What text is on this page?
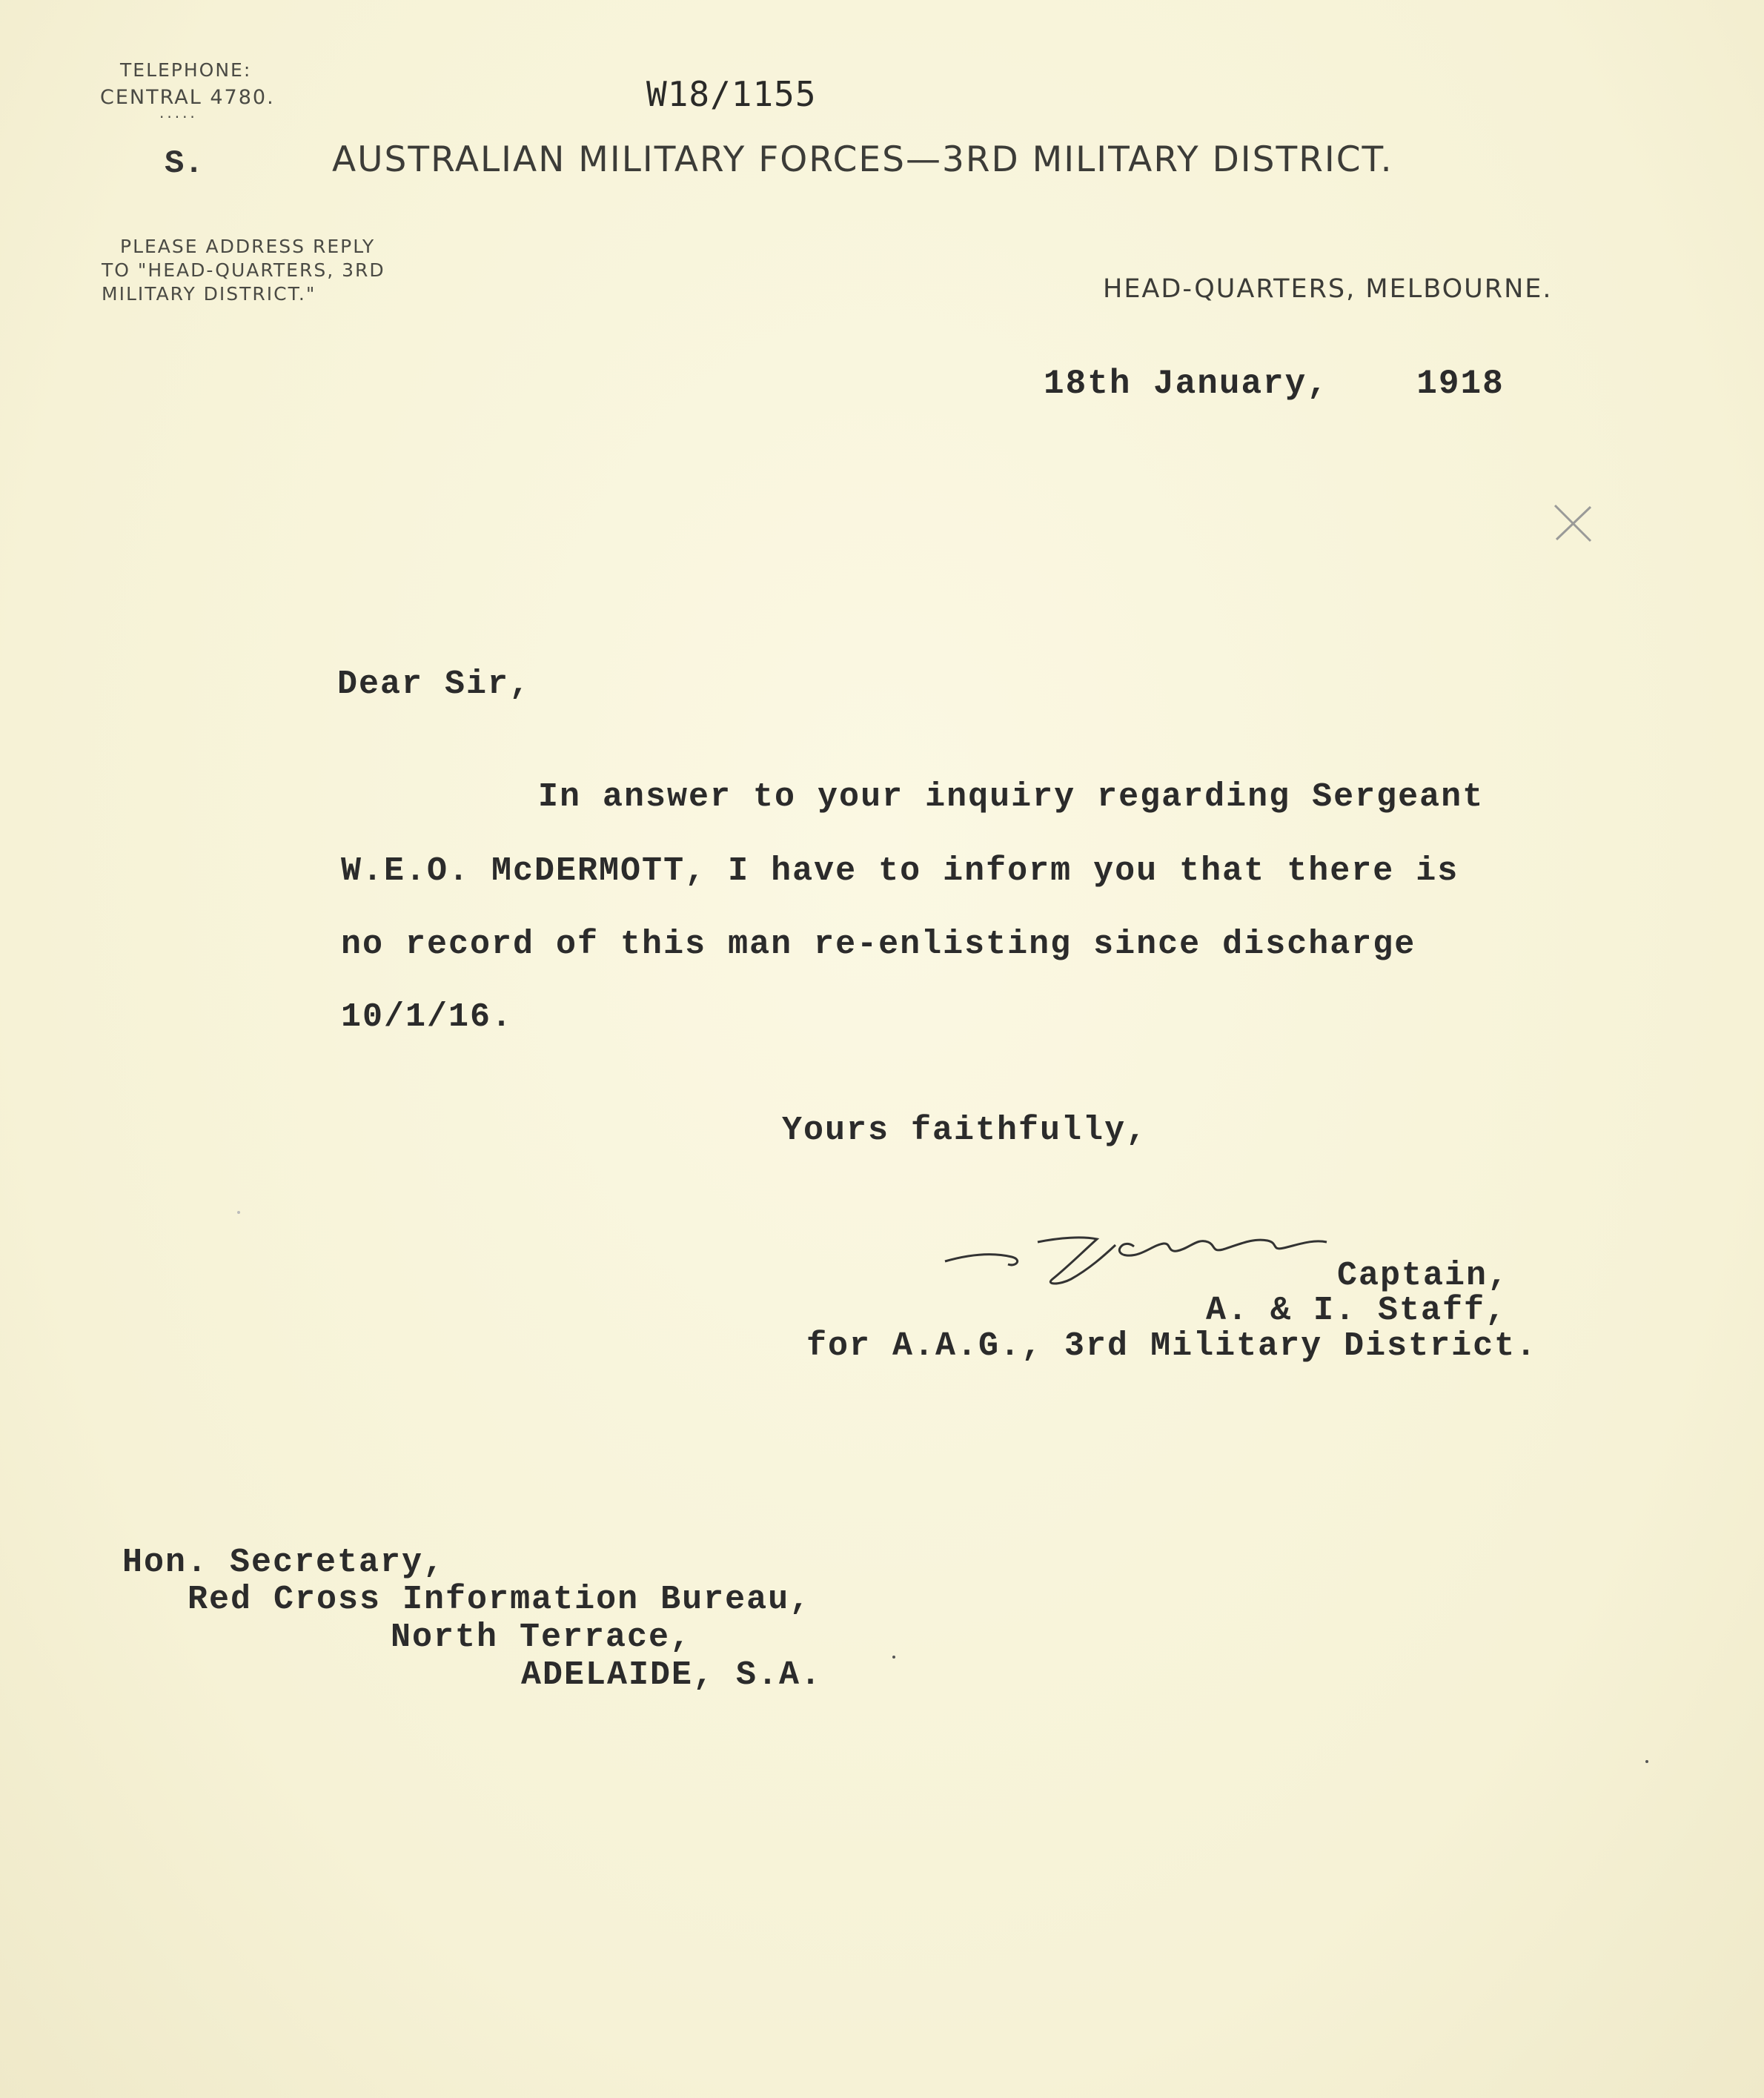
TELEPHONE:
CENTRAL 4780.
.....	W18/1155
S.	AUSTRALIAN MILITARY FORCES—3RD MILITARY DISTRICT.
PLEASE ADDRESS REPLY
TO "HEAD-QUARTERS, 3RD
MILITARY DISTRICT."	HEAD-QUARTERS, MELBOURNE.
18th January,    1918
Dear Sir,
In answer to your inquiry regarding Sergeant
W.E.O. McDERMOTT, I have to inform you that there is
no record of this man re-enlisting since discharge
10/1/16.
Yours faithfully,
Captain,
A. & I. Staff,
for A.A.G., 3rd Military District.
Hon. Secretary,
Red Cross Information Bureau,
North Terrace,
ADELAIDE, S.A.
